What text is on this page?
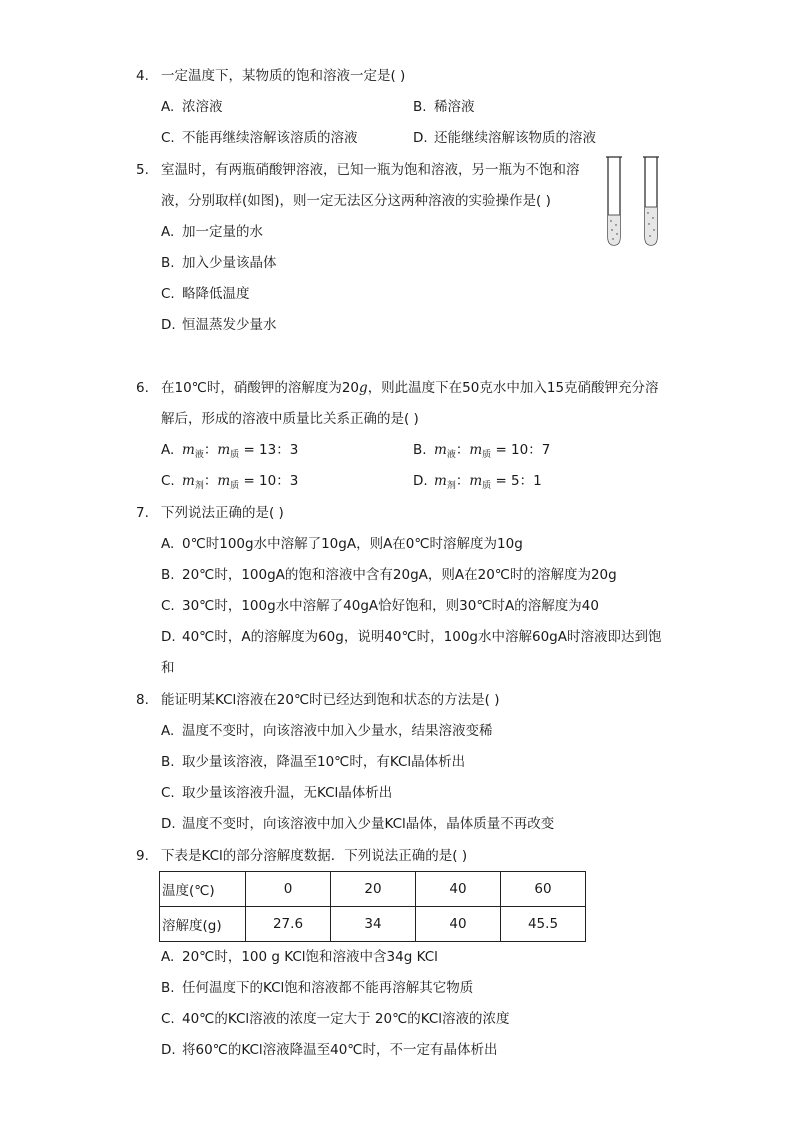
4. 一定温度下，某物质的饱和溶液一定是( )
A. 浓溶液	B. 稀溶液
C. 不能再继续溶解该溶质的溶液	D. 还能继续溶解该物质的溶液
5. 室温时，有两瓶硝酸钾溶液，已知一瓶为饱和溶液，另一瓶为不饱和溶
液，分别取样(如图)，则一定无法区分这两种溶液的实验操作是( )
A. 加一定量的水
B. 加入少量该晶体
C. 略降低温度
D. 恒温蒸发少量水
6. 在10℃时，硝酸钾的溶解度为20g，则此温度下在50克水中加入15克硝酸钾充分溶
解后，形成的溶液中质量比关系正确的是( )
A. $m_液$：$m_质 = 13$：3	B. $m_液$：$m_质 = 10$：7
C. $m_剂$：$m_质 = 10$：3	D. $m_剂$：$m_质 = 5$：1
7. 下列说法正确的是( )
A. 0℃时100g水中溶解了10gA，则A在0℃时溶解度为10g
B. 20℃时，100gA的饱和溶液中含有20gA，则A在20℃时的溶解度为20g
C. 30℃时，100g水中溶解了40gA恰好饱和，则30℃时A的溶解度为40
D. 40℃时，A的溶解度为60g，说明40℃时，100g水中溶解60gA时溶液即达到饱
和
8. 能证明某KCl溶液在20℃时已经达到饱和状态的方法是( )
A. 温度不变时，向该溶液中加入少量水，结果溶液变稀
B. 取少量该溶液，降温至10℃时，有KCl晶体析出
C. 取少量该溶液升温，无KCl晶体析出
D. 温度不变时，向该溶液中加入少量KCl晶体，晶体质量不再改变
9. 下表是KCl的部分溶解度数据．下列说法正确的是( )
温度(℃)	0	20	40	60
溶解度(g)	27.6	34	40	45.5
A. 20℃时，100 g KCl饱和溶液中含34g KCl
B. 任何温度下的KCl饱和溶液都不能再溶解其它物质
C. 40℃的KCl溶液的浓度一定大于 20℃的KCl溶液的浓度
D. 将60℃的KCl溶液降温至40℃时，不一定有晶体析出
